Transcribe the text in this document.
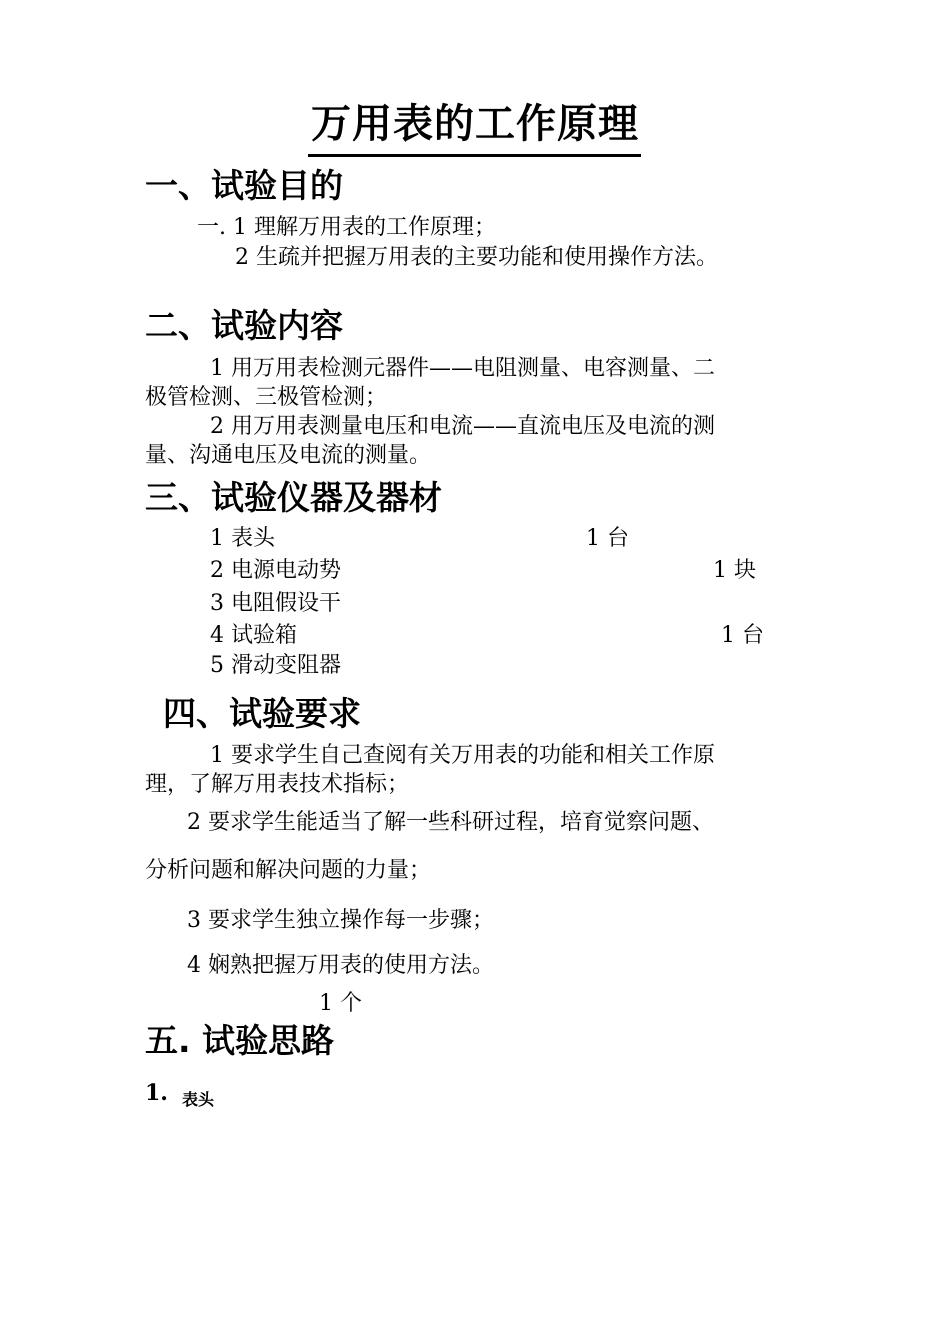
万用表的工作原理
一、试验目的
一. 1 理解万用表的工作原理；
2 生疏并把握万用表的主要功能和使用操作方法。
二、试验内容
1 用万用表检测元器件——电阻测量、电容测量、二
极管检测、三极管检测；
2 用万用表测量电压和电流——直流电压及电流的测
量、沟通电压及电流的测量。
三、试验仪器及器材
1 表头	1 台
2 电源电动势	1 块
3 电阻假设干
4 试验箱	1 台
5 滑动变阻器
四、试验要求
1 要求学生自己查阅有关万用表的功能和相关工作原
理，了解万用表技术指标；
2 要求学生能适当了解一些科研过程，培育觉察问题、
分析问题和解决问题的力量；
3 要求学生独立操作每一步骤；
4 娴熟把握万用表的使用方法。
1 个
五. 试验思路
1. 表头
